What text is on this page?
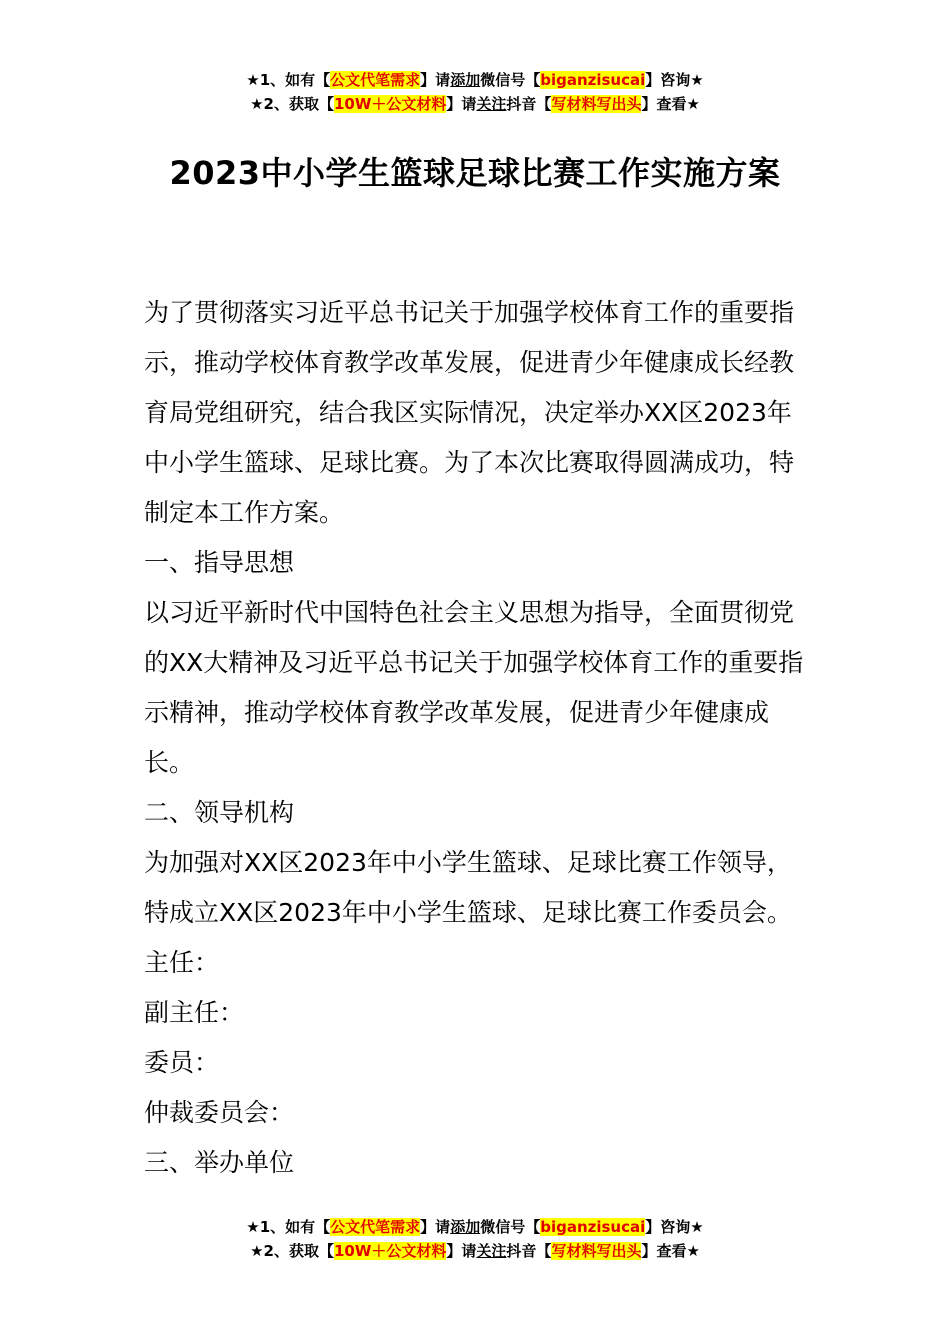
★1、如有【公文代笔需求】请添加微信号【biganzisucai】咨询★
★2、获取【10W＋公文材料】请关注抖音【写材料写出头】查看★
2023中小学生篮球足球比赛工作实施方案

为了贯彻落实习近平总书记关于加强学校体育工作的重要指示，推动学校体育教学改革发展，促进青少年健康成长经教育局党组研究，结合我区实际情况，决定举办XX区2023年中小学生篮球、足球比赛。为了本次比赛取得圆满成功，特制定本工作方案。

一、指导思想

以习近平新时代中国特色社会主义思想为指导，全面贯彻党的XX大精神及习近平总书记关于加强学校体育工作的重要指示精神，推动学校体育教学改革发展，促进青少年健康成长。

二、领导机构

为加强对XX区2023年中小学生篮球、足球比赛工作领导，特成立XX区2023年中小学生篮球、足球比赛工作委员会。

主任：

副主任：

委员：

仲裁委员会：

三、举办单位

★1、如有【公文代笔需求】请添加微信号【biganzisucai】咨询★
★2、获取【10W＋公文材料】请关注抖音【写材料写出头】查看★
